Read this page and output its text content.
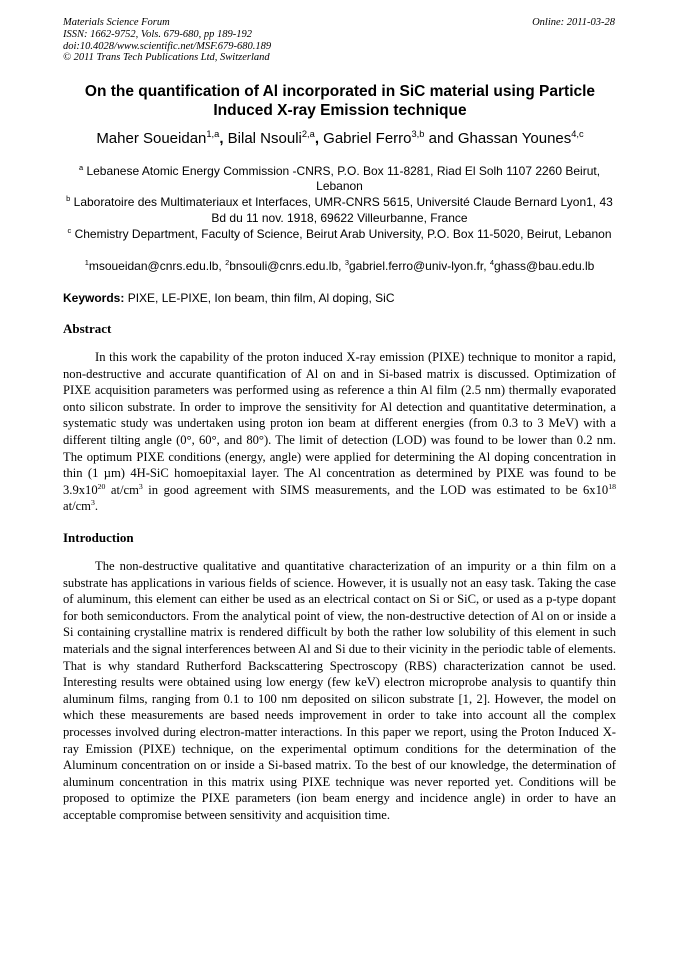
Materials Science Forum
ISSN: 1662-9752, Vols. 679-680, pp 189-192
doi:10.4028/www.scientific.net/MSF.679-680.189
© 2011 Trans Tech Publications Ltd, Switzerland
Online: 2011-03-28
On the quantification of Al incorporated in SiC material using Particle Induced X-ray Emission technique
Maher Soueidan$^{1,a}$, Bilal Nsouli$^{2,a}$, Gabriel Ferro$^{3,b}$ and Ghassan Younes$^{4,c}$
$^a$ Lebanese Atomic Energy Commission -CNRS, P.O. Box 11-8281, Riad El Solh 1107 2260 Beirut, Lebanon
$^b$ Laboratoire des Multimateriaux et Interfaces, UMR-CNRS 5615, Université Claude Bernard Lyon1, 43 Bd du 11 nov. 1918, 69622 Villeurbanne, France
$^c$ Chemistry Department, Faculty of Science, Beirut Arab University, P.O. Box 11-5020, Beirut, Lebanon
$^1$msoueidan@cnrs.edu.lb, $^2$bnsouli@cnrs.edu.lb, $^3$gabriel.ferro@univ-lyon.fr, $^4$ghass@bau.edu.lb
Keywords: PIXE, LE-PIXE, Ion beam, thin film, Al doping, SiC
Abstract
In this work the capability of the proton induced X-ray emission (PIXE) technique to monitor a rapid, non-destructive and accurate quantification of Al on and in Si-based matrix is discussed. Optimization of PIXE acquisition parameters was performed using as reference a thin Al film (2.5 nm) thermally evaporated onto silicon substrate. In order to improve the sensitivity for Al detection and quantitative determination, a systematic study was undertaken using proton ion beam at different energies (from 0.3 to 3 MeV) with a different tilting angle (0°, 60°, and 80°). The limit of detection (LOD) was found to be lower than 0.2 nm. The optimum PIXE conditions (energy, angle) were applied for determining the Al doping concentration in thin (1 µm) 4H-SiC homoepitaxial layer. The Al concentration as determined by PIXE was found to be $3.9x10^{20}$ $at/cm^3$ in good agreement with SIMS measurements, and the LOD was estimated to be $6x10^{18}$ $at/cm^3$.
Introduction
The non-destructive qualitative and quantitative characterization of an impurity or a thin film on a substrate has applications in various fields of science. However, it is usually not an easy task. Taking the case of aluminum, this element can either be used as an electrical contact on Si or SiC, or used as a p-type dopant for both semiconductors. From the analytical point of view, the non-destructive detection of Al on or inside a Si containing crystalline matrix is rendered difficult by both the rather low solubility of this element in such materials and the signal interferences between Al and Si due to their vicinity in the periodic table of elements. That is why standard Rutherford Backscattering Spectroscopy (RBS) characterization cannot be used. Interesting results were obtained using low energy (few keV) electron microprobe analysis to quantify thin aluminum films, ranging from 0.1 to 100 nm deposited on silicon substrate [1, 2]. However, the model on which these measurements are based needs improvement in order to take into account all the complex processes involved during electron-matter interactions. In this paper we report, using the Proton Induced X-ray Emission (PIXE) technique, on the experimental optimum conditions for the determination of the Aluminum concentration on or inside a Si-based matrix. To the best of our knowledge, the determination of aluminum concentration in this matrix using PIXE technique was never reported yet. Conditions will be proposed to optimize the PIXE parameters (ion beam energy and incidence angle) in order to have an acceptable compromise between sensitivity and acquisition time.
